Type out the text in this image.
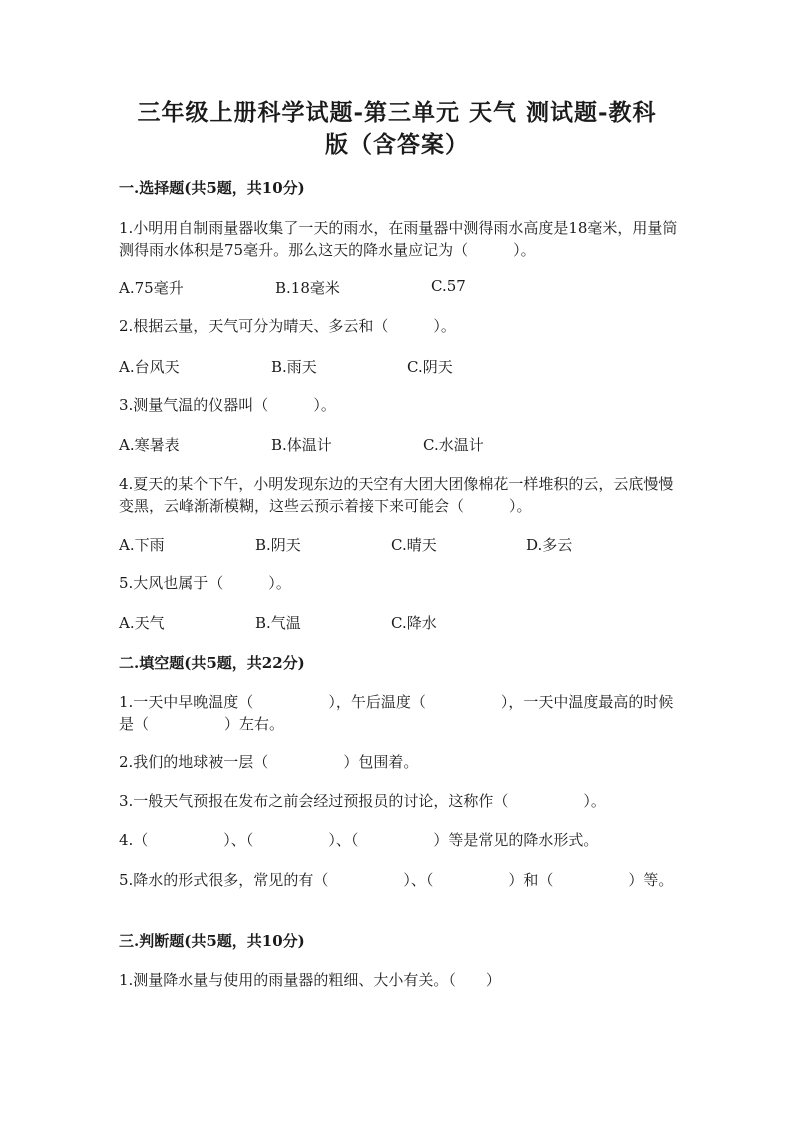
三年级上册科学试题-第三单元 天气 测试题-教科
版（含答案）
一.选择题(共5题，共10分)
1.小明用自制雨量器收集了一天的雨水，在雨量器中测得雨水高度是18毫米，用量筒测得雨水体积是75毫升。那么这天的降水量应记为（　　　）。
A.75毫升	B.18毫米	C.57
2.根据云量，天气可分为晴天、多云和（　　　）。
A.台风天	B.雨天	C.阴天
3.测量气温的仪器叫（　　　）。
A.寒暑表	B.体温计	C.水温计
4.夏天的某个下午，小明发现东边的天空有大团大团像棉花一样堆积的云，云底慢慢变黑，云峰渐渐模糊，这些云预示着接下来可能会（　　　）。
A.下雨	B.阴天	C.晴天	D.多云
5.大风也属于（　　　）。
A.天气	B.气温	C.降水
二.填空题(共5题，共22分)
1.一天中早晚温度（　　　　　），午后温度（　　　　　），一天中温度最高的时候是（　　　　　）左右。
2.我们的地球被一层（　　　　　）包围着。
3.一般天气预报在发布之前会经过预报员的讨论，这称作（　　　　　）。
4.（　　　　　）、（　　　　　）、（　　　　　）等是常见的降水形式。
5.降水的形式很多，常见的有（　　　　　）、（　　　　　）和（　　　　　）等。
三.判断题(共5题，共10分)
1.测量降水量与使用的雨量器的粗细、大小有关。（　　）
